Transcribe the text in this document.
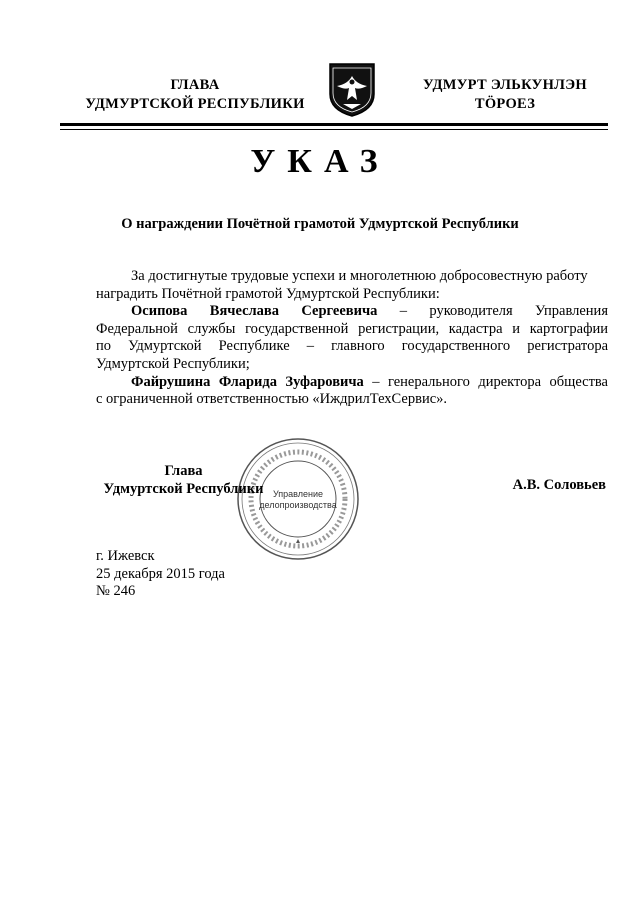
ГЛАВА
УДМУРТСКОЙ РЕСПУБЛИКИ
УДМУРТ ЭЛЬКУНЛЭН
ТӦРОЕЗ
УКАЗ
О награждении Почётной грамотой Удмуртской Республики

За достигнутые трудовые успехи и многолетнюю добросовестную работу

наградить Почётной грамотой Удмуртской Республики:

Осипова Вячеслава Сергеевича – руководителя Управления

Федеральной службы государственной регистрации, кадастра и картографии

по Удмуртской Республике – главного государственного регистратора

Удмуртской Республики;

Файрушина Фларида Зуфаровича – генерального директора общества

с ограниченной ответственностью «ИждрилТехСервис».

Управление
делопроизводства
Глава
Удмуртской Республики	А.В. Соловьев
г. Ижевск
25 декабря 2015 года
№ 246
